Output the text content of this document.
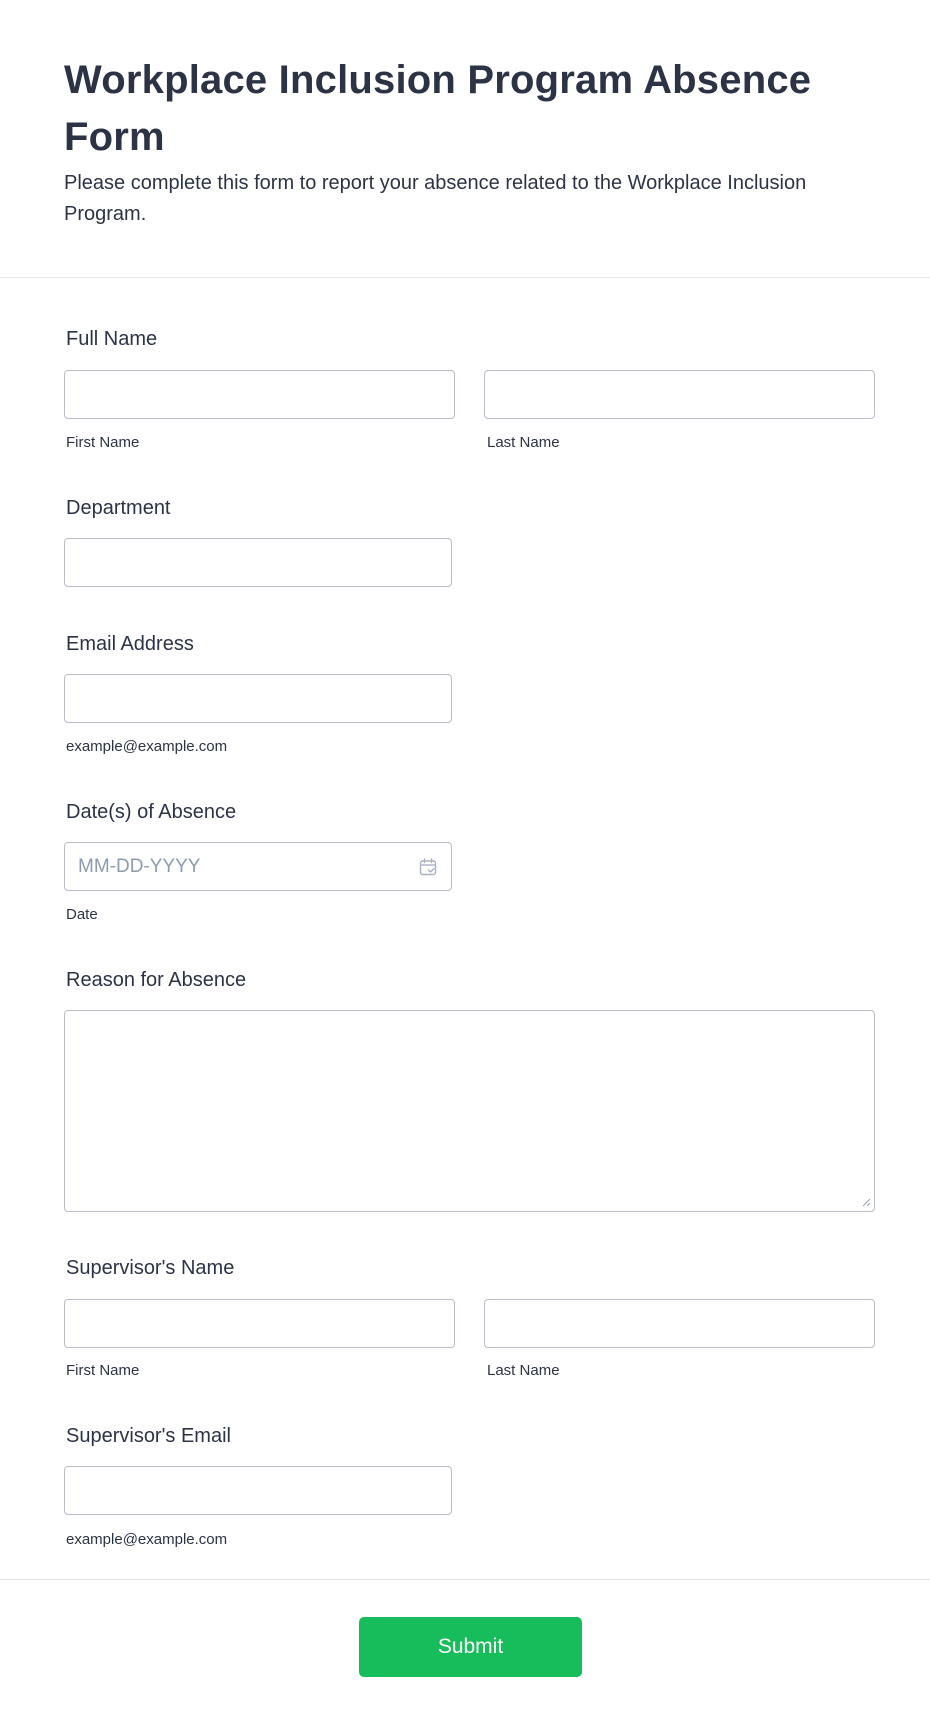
Workplace Inclusion Program Absence Form

Please complete this form to report your absence related to the Workplace Inclusion Program.

Full Name
First Name	Last Name
Department
Email Address
example@example.com
Date(s) of Absence
MM-DD-YYYY
Date
Reason for Absence
Supervisor's Name
First Name	Last Name
Supervisor's Email
example@example.com
Submit
